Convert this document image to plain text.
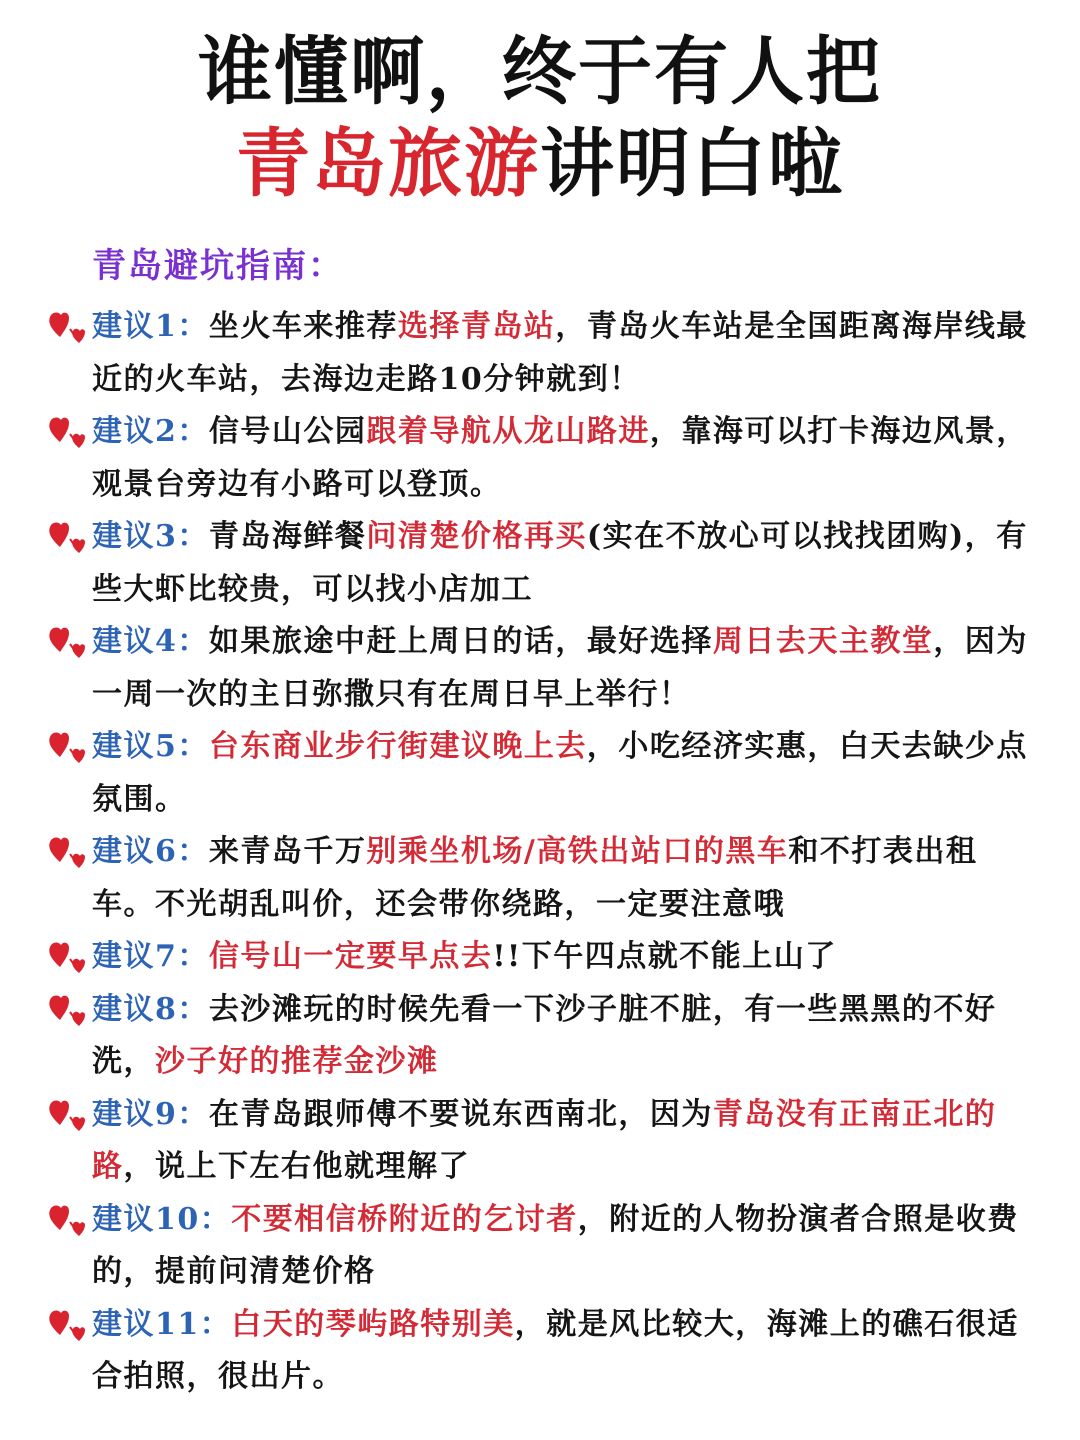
谁懂啊，终于有人把
青岛旅游讲明白啦
青岛避坑指南：

建议1：坐火车来推荐选择青岛站，青岛火车站是全国距离海岸线最近的火车站，去海边走路10分钟就到！

建议2：信号山公园跟着导航从龙山路进，靠海可以打卡海边风景，观景台旁边有小路可以登顶。

建议3：青岛海鲜餐问清楚价格再买(实在不放心可以找找团购)，有些大虾比较贵，可以找小店加工

建议4：如果旅途中赶上周日的话，最好选择周日去天主教堂，因为一周一次的主日弥撒只有在周日早上举行！

建议5：台东商业步行街建议晚上去，小吃经济实惠，白天去缺少点氛围。

建议6：来青岛千万别乘坐机场/高铁出站口的黑车和不打表出租车。不光胡乱叫价，还会带你绕路，一定要注意哦

建议7：信号山一定要早点去!!下午四点就不能上山了

建议8：去沙滩玩的时候先看一下沙子脏不脏，有一些黑黑的不好洗，沙子好的推荐金沙滩

建议9：在青岛跟师傅不要说东西南北，因为青岛没有正南正北的路，说上下左右他就理解了

建议10：不要相信桥附近的乞讨者，附近的人物扮演者合照是收费的，提前问清楚价格

建议11：白天的琴屿路特别美，就是风比较大，海滩上的礁石很适合拍照，很出片。
